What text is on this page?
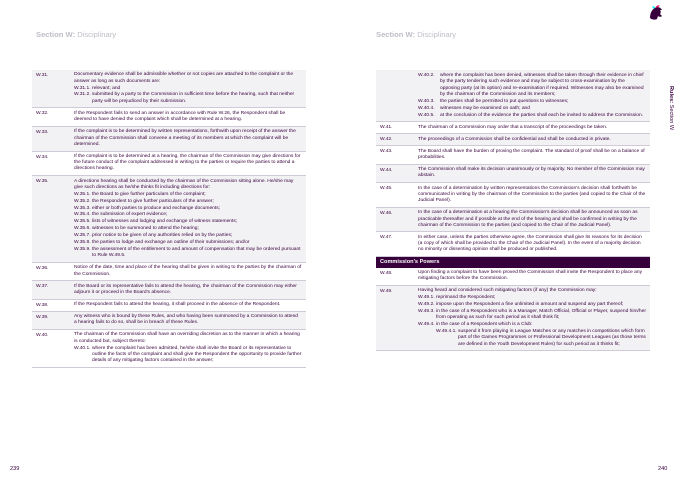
Section W: Disciplinary
W.31.	Documentary evidence shall be admissible whether or not copies are attached to the complaint or the answer as long as such documents are:
W.31.1. relevant; and
W.31.2. submitted by a party to the Commission in sufficient time before the hearing, such that neither party will be prejudiced by their submission.
W.32.	If the Respondent fails to send an answer in accordance with Rule W.26, the Respondent shall be deemed to have denied the complaint which shall be determined at a hearing.
W.33.	If the complaint is to be determined by written representations, forthwith upon receipt of the answer the chairman of the Commission shall convene a meeting of its members at which the complaint will be determined.
W.34.	If the complaint is to be determined at a hearing, the chairman of the Commission may give directions for the future conduct of the complaint addressed in writing to the parties or require the parties to attend a directions hearing.
W.35.	A directions hearing shall be conducted by the chairman of the Commission sitting alone. He/she may give such directions as he/she thinks fit including directions for:
W.35.1. the Board to give further particulars of the complaint;
W.35.2. the Respondent to give further particulars of the answer;
W.35.3. either or both parties to produce and exchange documents;
W.35.4. the submission of expert evidence;
W.35.5. lists of witnesses and lodging and exchange of witness statements;
W.35.6. witnesses to be summoned to attend the hearing;
W.35.7. prior notice to be given of any authorities relied on by the parties;
W.35.8. the parties to lodge and exchange an outline of their submissions; and/or
W.35.9. the assessment of the entitlement to and amount of compensation that may be ordered pursuant to Rule W.49.5.
W.36.	Notice of the date, time and place of the hearing shall be given in writing to the parties by the chairman of the Commission.
W.37.	If the Board or its representative fails to attend the hearing, the chairman of the Commission may either adjourn it or proceed in the Board's absence.
W.38.	If the Respondent fails to attend the hearing, it shall proceed in the absence of the Respondent.
W.39.	Any witness who is bound by these Rules, and who having been summoned by a Commission to attend a hearing fails to do so, shall be in breach of these Rules.
W.40.	The chairman of the Commission shall have an overriding discretion as to the manner in which a hearing is conducted but, subject thereto:
W.40.1. where the complaint has been admitted, he/she shall invite the Board or its representative to outline the facts of the complaint and shall give the Respondent the opportunity to provide further details of any mitigating factors contained in the answer;
239
Section W: Disciplinary
Rules: Section W
W.40.2.	where the complaint has been denied, witnesses shall be taken through their evidence in chief by the party tendering such evidence and may be subject to cross-examination by the opposing party (at its option) and re-examination if required. Witnesses may also be examined by the chairman of the Commission and its members;
W.40.3.	the parties shall be permitted to put questions to witnesses;
W.40.4.	witnesses may be examined on oath; and
W.40.5.	at the conclusion of the evidence the parties shall each be invited to address the Commission.
W.41.	The chairman of a Commission may order that a transcript of the proceedings be taken.
W.42.	The proceedings of a Commission shall be confidential and shall be conducted in private.
W.43.	The Board shall have the burden of proving the complaint. The standard of proof shall be on a balance of probabilities.
W.44.	The Commission shall make its decision unanimously or by majority. No member of the Commission may abstain.
W.45.	In the case of a determination by written representations the Commission's decision shall forthwith be communicated in writing by the chairman of the Commission to the parties (and copied to the Chair of the Judicial Panel).
W.46.	In the case of a determination at a hearing the Commission's decision shall be announced as soon as practicable thereafter and if possible at the end of the hearing and shall be confirmed in writing by the chairman of the Commission to the parties (and copied to the Chair of the Judicial Panel).
W.47.	In either case, unless the parties otherwise agree, the Commission shall give its reasons for its decision (a copy of which shall be provided to the Chair of the Judicial Panel). In the event of a majority decision no minority or dissenting opinion shall be produced or published.
Commission's Powers
W.48.	Upon finding a complaint to have been proved the Commission shall invite the Respondent to place any mitigating factors before the Commission.
W.49.	Having heard and considered such mitigating factors (if any) the Commission may:
W.49.1. reprimand the Respondent;
W.49.2. impose upon the Respondent a fine unlimited in amount and suspend any part thereof;
W.49.3. in the case of a Respondent who is a Manager, Match Official, Official or Player, suspend him/her from operating as such for such period as it shall think fit;
W.49.4. in the case of a Respondent which is a Club:
W.49.4.1. suspend it from playing in League Matches or any matches in competitions which form part of the Games Programmes or Professional Development Leagues (as those terms are defined in the Youth Development Rules) for such period as it thinks fit;
240
